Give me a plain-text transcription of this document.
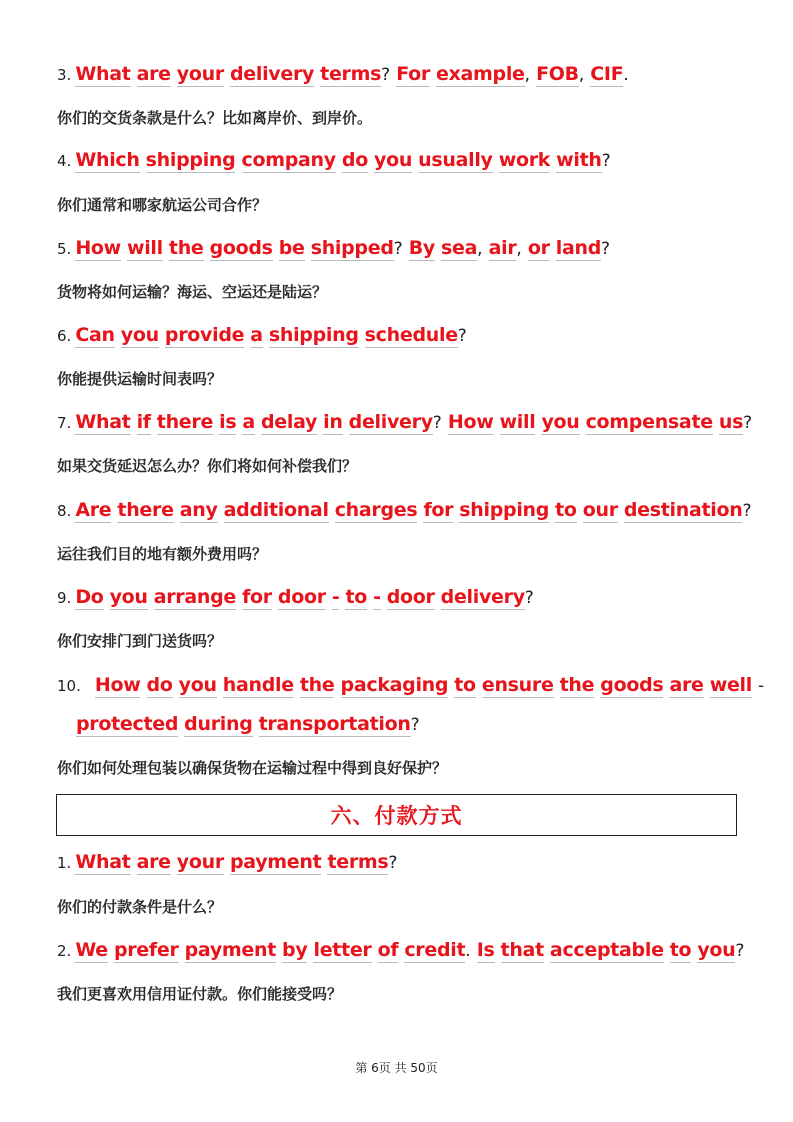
3. What are your delivery terms? For example, FOB, CIF.
你们的交货条款是什么？比如离岸价、到岸价。
4. Which shipping company do you usually work with?
你们通常和哪家航运公司合作？
5. How will the goods be shipped? By sea, air, or land?
货物将如何运输？海运、空运还是陆运？
6. Can you provide a shipping schedule?
你能提供运输时间表吗？
7. What if there is a delay in delivery? How will you compensate us?
如果交货延迟怎么办？你们将如何补偿我们？
8. Are there any additional charges for shipping to our destination?
运往我们目的地有额外费用吗？
9. Do you arrange for door - to - door delivery?
你们安排门到门送货吗？
10. How do you handle the packaging to ensure the goods are well -
protected during transportation?
你们如何处理包装以确保货物在运输过程中得到良好保护？
六、付款方式
1. What are your payment terms?
你们的付款条件是什么？
2. We prefer payment by letter of credit. Is that acceptable to you?
我们更喜欢用信用证付款。你们能接受吗？
第 6页 共 50页
